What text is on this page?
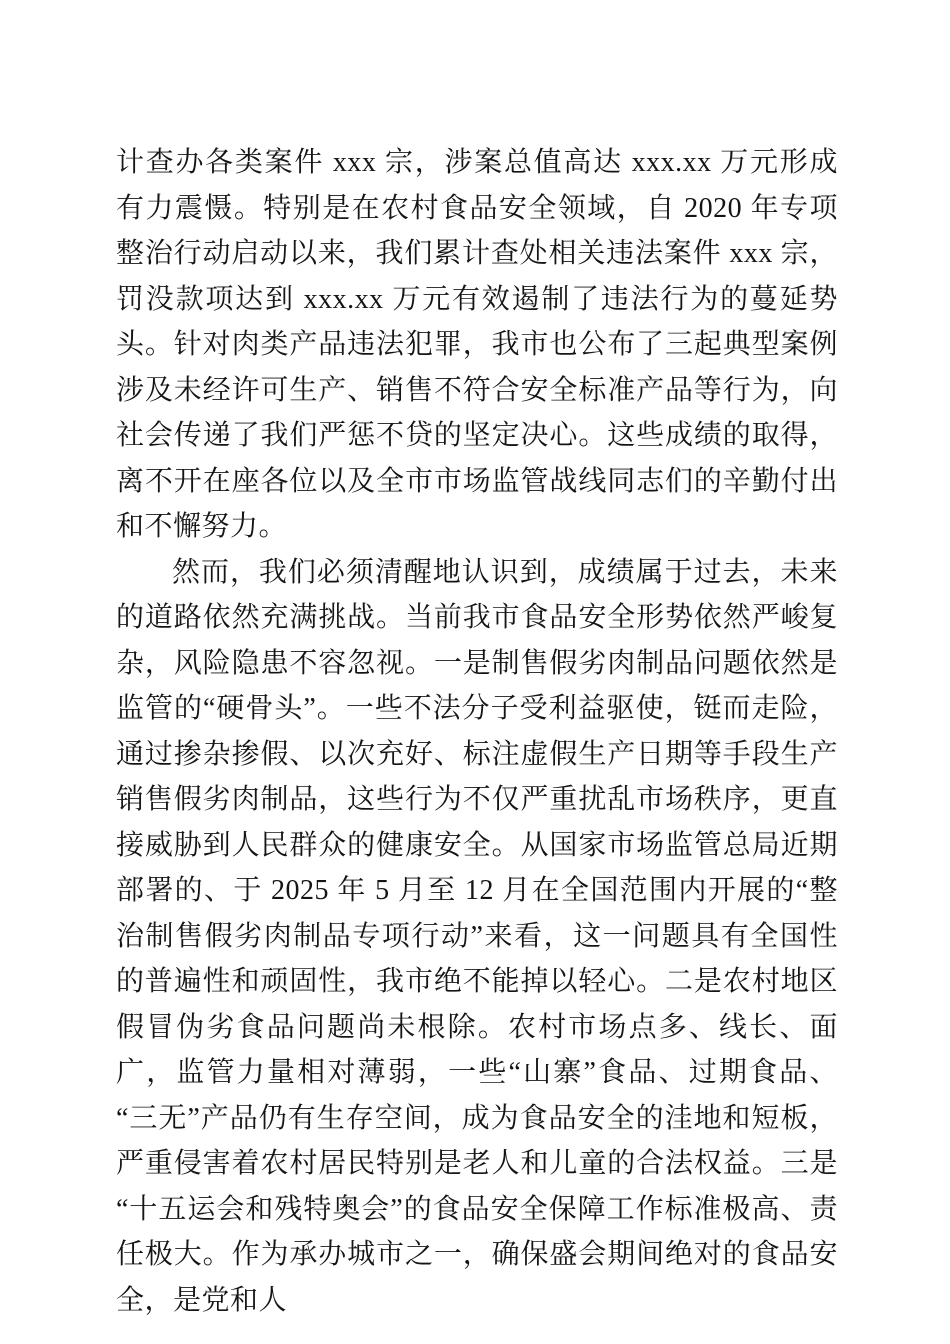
计查办各类案件 xxx 宗，涉案总值高达 xxx.xx 万元形成有力震慑。特别是在农村食品安全领域，自 2020 年专项整治行动启动以来，我们累计查处相关违法案件 xxx 宗，罚没款项达到 xxx.xx 万元有效遏制了违法行为的蔓延势头。针对肉类产品违法犯罪，我市也公布了三起典型案例涉及未经许可生产、销售不符合安全标准产品等行为，向社会传递了我们严惩不贷的坚定决心。这些成绩的取得，离不开在座各位以及全市市场监管战线同志们的辛勤付出和不懈努力。

然而，我们必须清醒地认识到，成绩属于过去，未来的道路依然充满挑战。当前我市食品安全形势依然严峻复杂，风险隐患不容忽视。一是制售假劣肉制品问题依然是监管的“硬骨头”。一些不法分子受利益驱使，铤而走险，通过掺杂掺假、以次充好、标注虚假生产日期等手段生产销售假劣肉制品，这些行为不仅严重扰乱市场秩序，更直接威胁到人民群众的健康安全。从国家市场监管总局近期部署的、于 2025 年 5 月至 12 月在全国范围内开展的“整治制售假劣肉制品专项行动”来看，这一问题具有全国性的普遍性和顽固性，我市绝不能掉以轻心。二是农村地区假冒伪劣食品问题尚未根除。农村市场点多、线长、面广，监管力量相对薄弱，一些“山寨”食品、过期食品、“三无”产品仍有生存空间，成为食品安全的洼地和短板，严重侵害着农村居民特别是老人和儿童的合法权益。三是“十五运会和残特奥会”的食品安全保障工作标准极高、责任极大。作为承办城市之一，确保盛会期间绝对的食品安全，是党和人
